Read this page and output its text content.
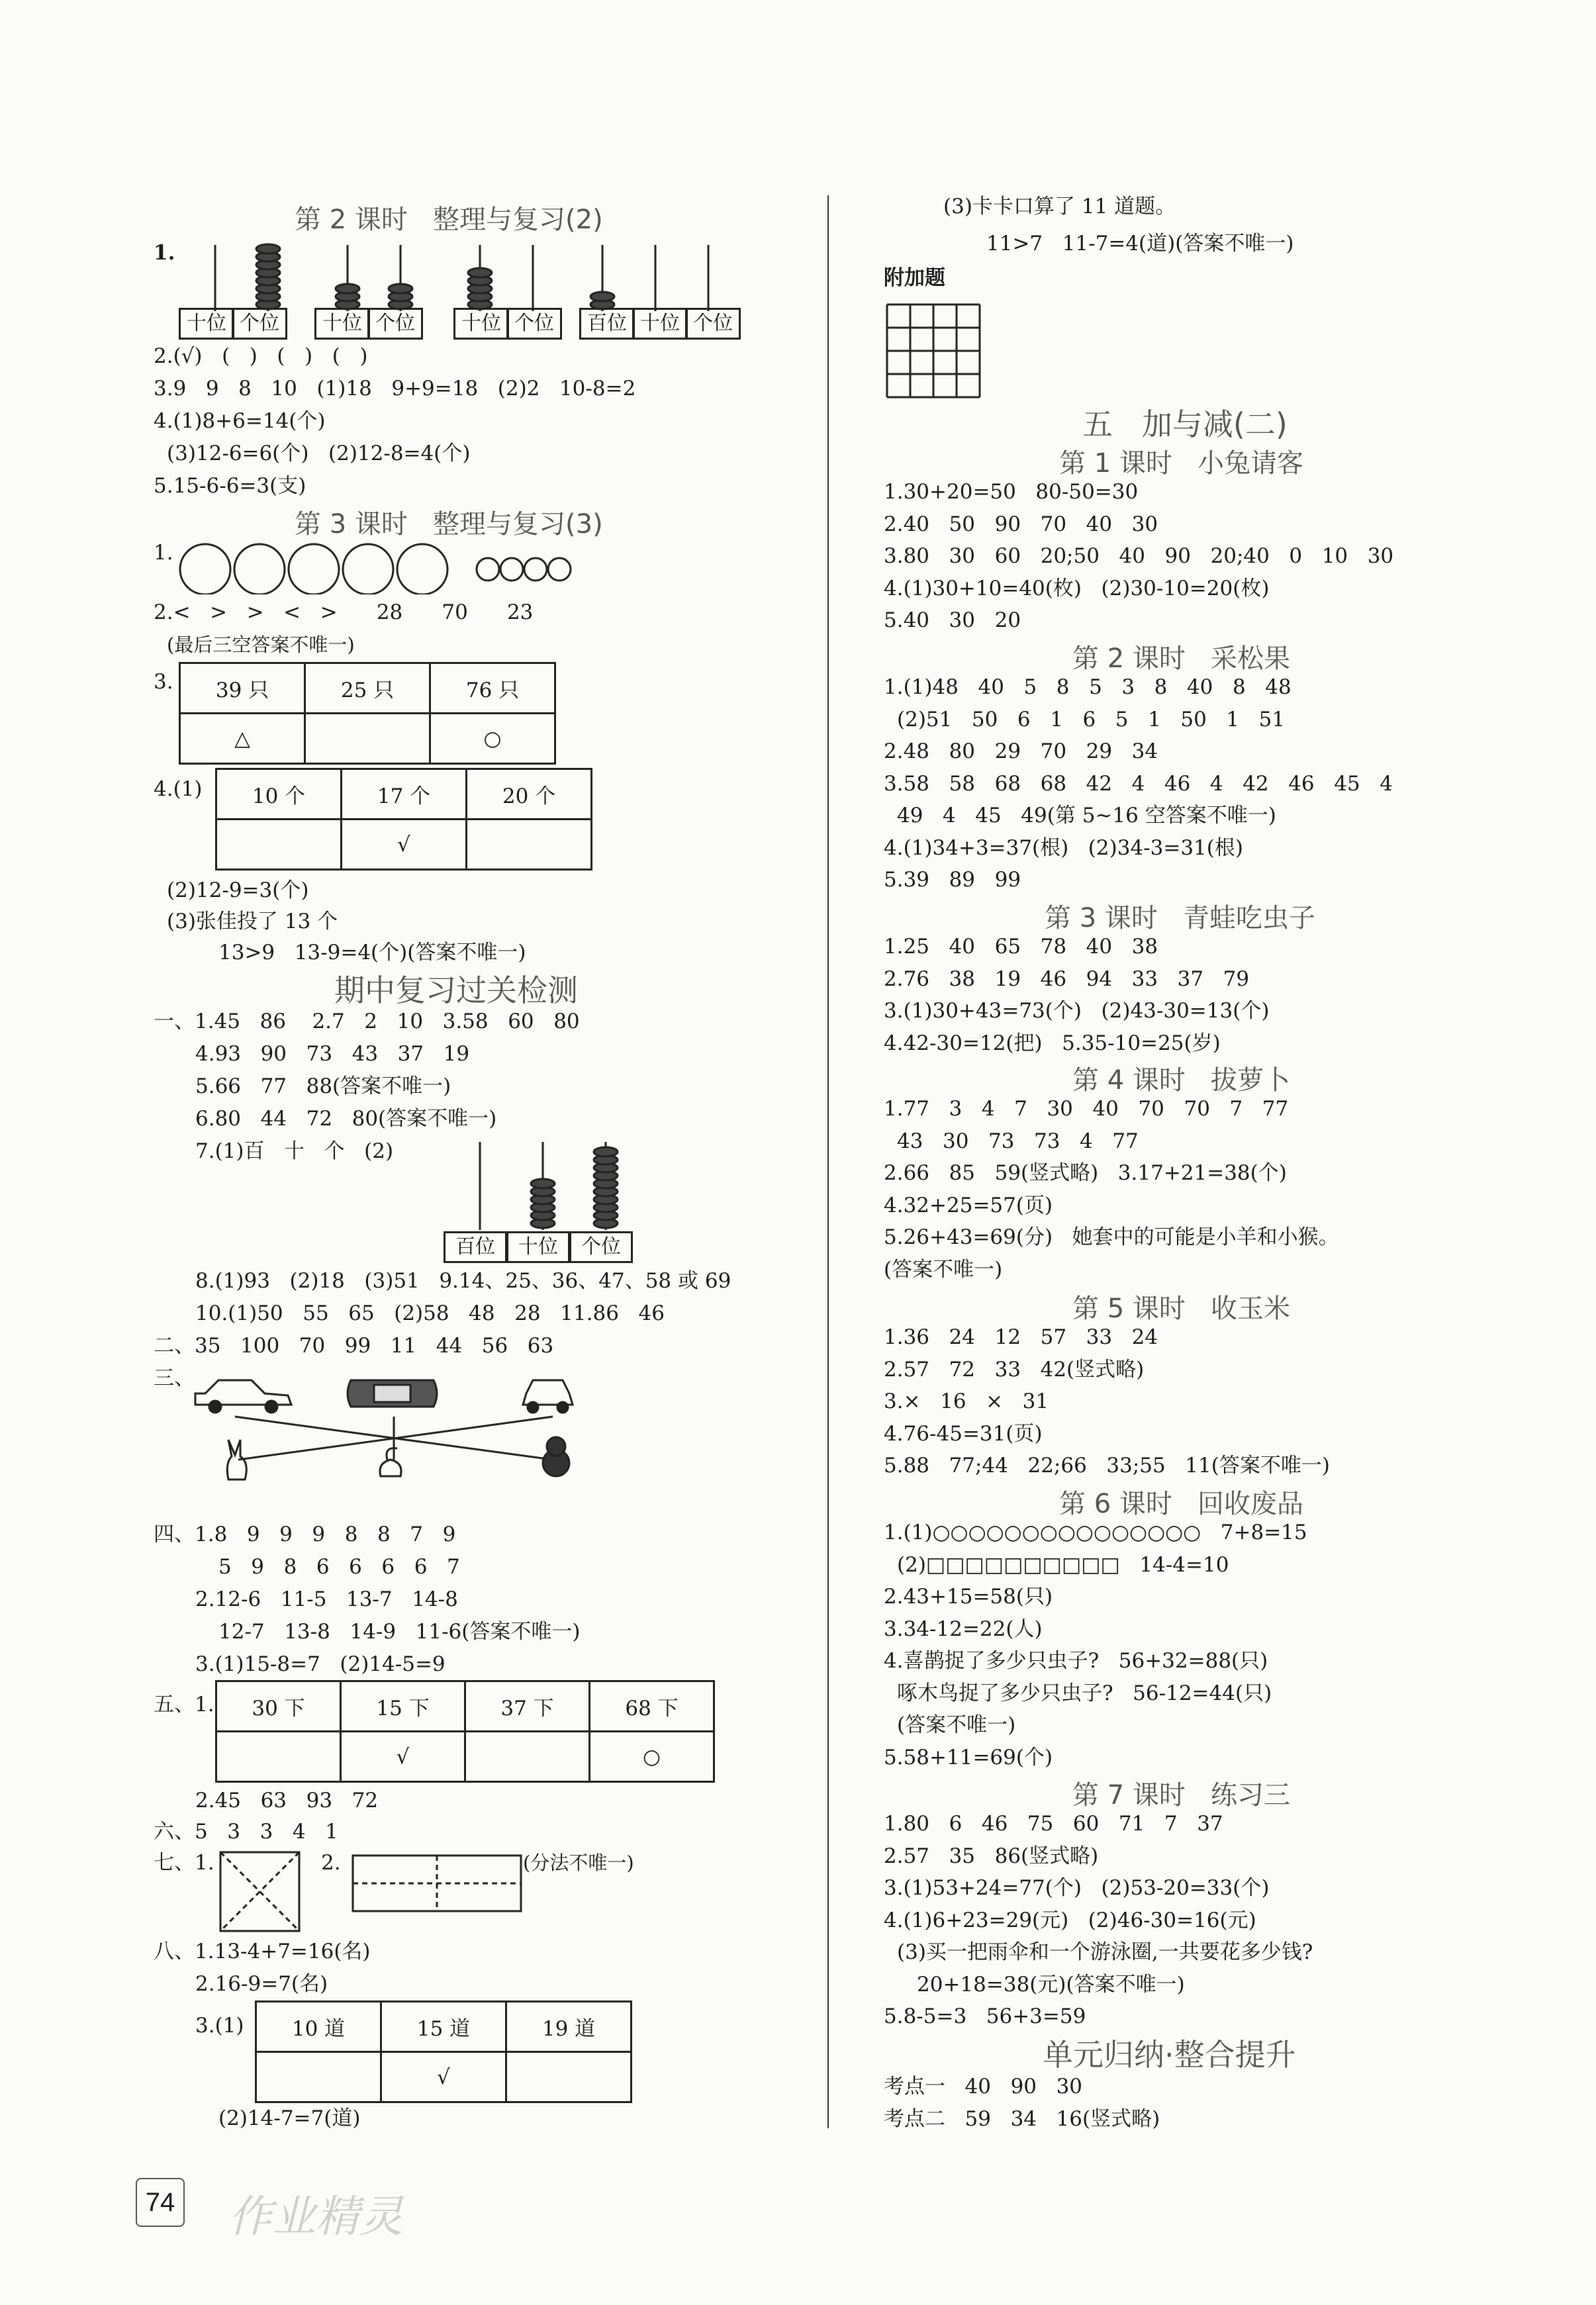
第 2 课时   整理与复习(2)
1.
十位 个位	十位 个位	十位 个位	百位 十位 个位
2.(√)   (   )   (   )   (   )
3.9   9   8   10   (1)18   9+9=18   (2)2   10-8=2
4.(1)8+6=14(个)
(3)12-6=6(个)   (2)12-8=4(个)
5.15-6-6=3(支)
第 3 课时   整理与复习(3)
1.
2.<   >   >   <   >      28      70      23
(最后三空答案不唯一)
3. 39 只	25 只	76 只
△		○
4.(1) 10 个	17 个	20 个
	√	
(2)12-9=3(个)
(3)张佳投了 13 个
13>9   13-9=4(个)(答案不唯一)
期中复习过关检测
一、1.45   86    2.7   2   10   3.58   60   80
4.93   90   73   43   37   19
5.66   77   88(答案不唯一)
6.80   44   72   80(答案不唯一)
7.(1)百   十   个   (2)
百位	十位	个位
8.(1)93   (2)18   (3)51   9.14、25、36、47、58 或 69
10.(1)50   55   65   (2)58   48   28   11.86   46
二、35   100   70   99   11   44   56   63
三、
四、1.8   9   9   9   8   8   7   9
5   9   8   6   6   6   6   7
2.12-6   11-5   13-7   14-8
12-7   13-8   14-9   11-6(答案不唯一)
3.(1)15-8=7   (2)14-5=9
五、1. 30 下	15 下	37 下	68 下
	√		○
2.45   63   93   72
六、5   3   3   4   1
七、1.	2.	(分法不唯一)
八、1.13-4+7=16(名)
2.16-9=7(名)
3.(1) 10 道	15 道	19 道
	√	
(2)14-7=7(道)
(3)卡卡口算了 11 道题。
11>7   11-7=4(道)(答案不唯一)
附加题
五   加与减(二)
第 1 课时   小兔请客
1.30+20=50   80-50=30
2.40   50   90   70   40   30
3.80   30   60   20;50   40   90   20;40   0   10   30
4.(1)30+10=40(枚)   (2)30-10=20(枚)
5.40   30   20
第 2 课时   采松果
1.(1)48   40   5   8   5   3   8   40   8   48
(2)51   50   6   1   6   5   1   50   1   51
2.48   80   29   70   29   34
3.58   58   68   68   42   4   46   4   42   46   45   4
49   4   45   49(第 5~16 空答案不唯一)
4.(1)34+3=37(根)   (2)34-3=31(根)
5.39   89   99
第 3 课时   青蛙吃虫子
1.25   40   65   78   40   38
2.76   38   19   46   94   33   37   79
3.(1)30+43=73(个)   (2)43-30=13(个)
4.42-30=12(把)   5.35-10=25(岁)
第 4 课时   拔萝卜
1.77   3   4   7   30   40   70   70   7   77
43   30   73   73   4   77
2.66   85   59(竖式略)   3.17+21=38(个)
4.32+25=57(页)
5.26+43=69(分)   她套中的可能是小羊和小猴。
(答案不唯一)
第 5 课时   收玉米
1.36   24   12   57   33   24
2.57   72   33   42(竖式略)
3.×   16   ×   31
4.76-45=31(页)
5.88   77;44   22;66   33;55   11(答案不唯一)
第 6 课时   回收废品
1.(1)○○○○○○○○○○○○○○○   7+8=15
(2)□□□□□□□□□□   14-4=10
2.43+15=58(只)
3.34-12=22(人)
4.喜鹊捉了多少只虫子?   56+32=88(只)
啄木鸟捉了多少只虫子?   56-12=44(只)
(答案不唯一)
5.58+11=69(个)
第 7 课时   练习三
1.80   6   46   75   60   71   7   37
2.57   35   86(竖式略)
3.(1)53+24=77(个)   (2)53-20=33(个)
4.(1)6+23=29(元)   (2)46-30=16(元)
(3)买一把雨伞和一个游泳圈,一共要花多少钱?
20+18=38(元)(答案不唯一)
5.8-5=3   56+3=59
单元归纳·整合提升
考点一   40   90   30
考点二   59   34   16(竖式略)
74 作业精灵
